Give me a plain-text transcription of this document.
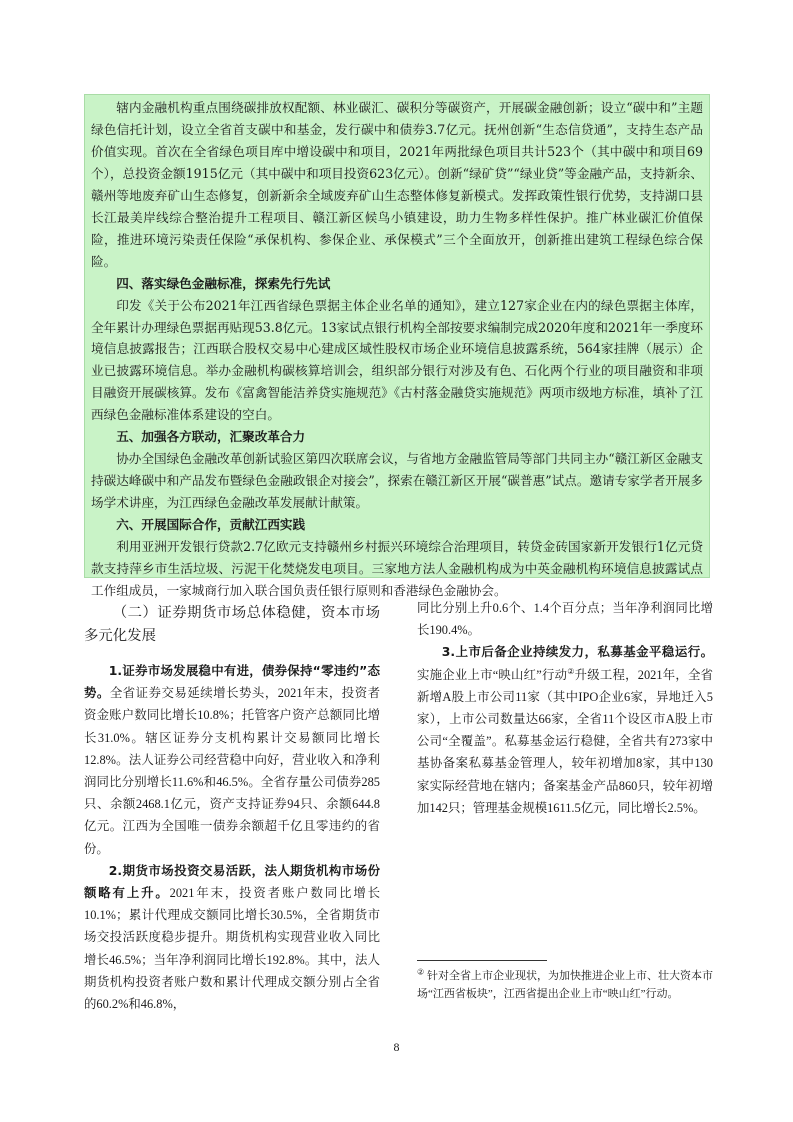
辖内金融机构重点围绕碳排放权配额、林业碳汇、碳积分等碳资产，开展碳金融创新；设立“碳中和”主题绿色信托计划，设立全省首支碳中和基金，发行碳中和债券3.7亿元。抚州创新“生态信贷通”，支持生态产品价值实现。首次在全省绿色项目库中增设碳中和项目，2021年两批绿色项目共计523个（其中碳中和项目69个），总投资金额1915亿元（其中碳中和项目投资623亿元）。创新“绿矿贷”“绿业贷”等金融产品，支持新余、赣州等地废弃矿山生态修复，创新新余全域废弃矿山生态整体修复新模式。发挥政策性银行优势，支持湖口县长江最美岸线综合整治提升工程项目、赣江新区候鸟小镇建设，助力生物多样性保护。推广林业碳汇价值保险，推进环境污染责任保险“承保机构、参保企业、承保模式”三个全面放开，创新推出建筑工程绿色综合保险。

四、落实绿色金融标准，探索先行先试

印发《关于公布2021年江西省绿色票据主体企业名单的通知》，建立127家企业在内的绿色票据主体库，全年累计办理绿色票据再贴现53.8亿元。13家试点银行机构全部按要求编制完成2020年度和2021年一季度环境信息披露报告；江西联合股权交易中心建成区域性股权市场企业环境信息披露系统，564家挂牌（展示）企业已披露环境信息。举办金融机构碳核算培训会，组织部分银行对涉及有色、石化两个行业的项目融资和非项目融资开展碳核算。发布《富禽智能洁养贷实施规范》《古村落金融贷实施规范》两项市级地方标准，填补了江西绿色金融标准体系建设的空白。

五、加强各方联动，汇聚改革合力

协办全国绿色金融改革创新试验区第四次联席会议，与省地方金融监管局等部门共同主办“赣江新区金融支持碳达峰碳中和产品发布暨绿色金融政银企对接会”，探索在赣江新区开展“碳普惠”试点。邀请专家学者开展多场学术讲座，为江西绿色金融改革发展献计献策。

六、开展国际合作，贡献江西实践

利用亚洲开发银行贷款2.7亿欧元支持赣州乡村振兴环境综合治理项目，转贷金砖国家新开发银行1亿元贷款支持萍乡市生活垃圾、污泥干化焚烧发电项目。三家地方法人金融机构成为中英金融机构环境信息披露试点工作组成员，一家城商行加入联合国负责任银行原则和香港绿色金融协会。

（二）证券期货市场总体稳健，资本市场多元化发展

1.证券市场发展稳中有进，债券保持“零违约”态势。全省证券交易延续增长势头，2021年末，投资者资金账户数同比增长10.8%；托管客户资产总额同比增长31.0%。辖区证券分支机构累计交易额同比增长12.8%。法人证券公司经营稳中向好，营业收入和净利润同比分别增长11.6%和46.5%。全省存量公司债券285只、余额2468.1亿元，资产支持证券94只、余额644.8亿元。江西为全国唯一债券余额超千亿且零违约的省份。

2.期货市场投资交易活跃，法人期货机构市场份额略有上升。2021年末，投资者账户数同比增长10.1%；累计代理成交额同比增长30.5%，全省期货市场交投活跃度稳步提升。期货机构实现营业收入同比增长46.5%；当年净利润同比增长192.8%。其中，法人期货机构投资者账户数和累计代理成交额分别占全省的60.2%和46.8%，

同比分别上升0.6个、1.4个百分点；当年净利润同比增长190.4%。

3.上市后备企业持续发力，私募基金平稳运行。实施企业上市“映山红”行动②升级工程，2021年，全省新增A股上市公司11家（其中IPO企业6家，异地迁入5家），上市公司数量达66家，全省11个设区市A股上市公司“全覆盖”。私募基金运行稳健，全省共有273家中基协备案私募基金管理人，较年初增加8家，其中130家实际经营地在辖内；备案基金产品860只，较年初增加142只；管理基金规模1611.5亿元，同比增长2.5%。

② 针对全省上市企业现状，为加快推进企业上市、壮大资本市场“江西省板块”，江西省提出企业上市“映山红”行动。
8
